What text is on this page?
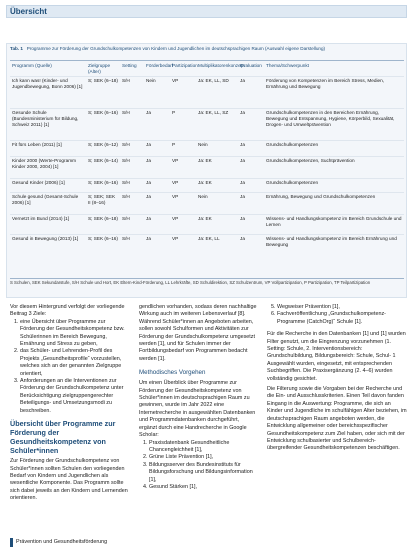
Übersicht
Tab. 1 Programme zur Förderung der Grundschulkompetenzen von Kindern und Jugendlichen im deutschsprachigen Raum (Auswahl eigene Darstellung)
Programm (Quelle)	Zielgruppe (Alter)	Setting	Förderbedarf	Partizipation	Multiplikatorenkonzept	Evaluation	Thema/Schwerpunkt
Ich kann was! (Kinder- und Jugendbewegung, Bonn 2006) [1]	S; SEK (6–18)	S/H	Nein	VP	Ja: EK, LL, SD	Ja	Förderung von Kompetenzen im Bereich Stress, Medien, Ernährung und Bewegung
Gesunde Schule (Bundesministerium für Bildung, Schweiz 2011) [1]	S; SEK (6–16)	S/H	Ja	P	Ja: EK, LL, SZ	Ja	Grundschulkompetenzen in den Bereichen Ernährung, Bewegung und Entspannung, Hygiene, Körperbild, Sexualität, Drogen- und Umweltprävention
Fit fürs Leben (2011) [1]	S; SEK (6–12)	S/H	Ja	P	Nein	Ja	Grundschulkompetenzen
Kinder 2000 (Werte-Programm Kinder 2000, 2004) [1]	S; SEK (6–14)	S/H	Ja	VP	Ja: EK	Ja	Grundschulkompetenzen, Suchtprävention
Gesund Kinder (2006) [1]	S; SEK (6–16)	S/H	Ja	VP	Ja: EK	Ja	Grundschulkompetenzen
Schule gesund (Gesamt-Schule 2006) [1]	S; SEK; SEK II (8–16)	S/H	Ja	VP	Nein	Ja	Ernährung, Bewegung und Grundschulkompetenzen
Vernetzt im Bund (2014) [1]	S; SEK (6–18)	S/H	Ja	VP	Ja: EK	Ja	Wissens- und Handlungskompetenz im Bereich Grundschule und Lernen
Gesund in Bewegung (2013) [1]	S; SEK (6–16)	S/H	Ja	VP	Ja: EK, LL	Ja	Wissens- und Handlungskompetenz im Bereich Ernährung und Bewegung
S Schulen, SEK Sekundarstufe, S/H Schule und Hort, EK Eltern-Kind-Förderung, LL Lehrkräfte, SD Schuldirektion, SZ Schulzentrum, VP Vollpartizipation, P Partizipation, TP Teilpartizipation

Vor diesem Hintergrund verfolgt der vorliegende Beitrag 3 Ziele:

1. eine Übersicht über Programme zur Förderung der Gesundheitskompetenz bzw. Schülerinnen im Bereich Bewegung, Ernährung und Stress zu geben,
2. das Schüler- und Lehrenden-Profil des Projekts „Gesundheitsprofile“ vorzustellen, welches sich an der genannten Zielgruppe orientiert,
3. Anforderungen an die Interventionen zur Förderung der Grundschulkompetenz unter Berücksichtigung zielgruppengerechter Beteiligungs- und Umsetzungsmodi zu beschreiben.
Übersicht über Programme zur Förderung der Gesundheitskompetenz von Schüler*innen

Zur Förderung der Grundschulkompetenz von Schüler*innen sollten Schulen den vorliegenden Bedarf von Kindern und Jugendlichen als wesentliche Komponente. Das Programm sollte sich dabei jeweils an den Kindern und Lernenden orientieren.

gendlichen vorhanden, sodass deren nachhaltige Wirkung auch im weiteren Lebensverlauf [8]. Während Schüler*innen an Angeboten arbeiten, sollen sowohl Schulformen und Aktivitäten zur Förderung der Grundschulkompetenz umgesetzt werden [1], und für Schulen immer der Fortbildungsbedarf von Programmen bedacht werden [1].

Methodisches Vorgehen

Um einen Überblick über Programme zur Förderung der Gesundheitskompetenz von Schüler*innen im deutschsprachigen Raum zu gewinnen, wurde im Jahr 2022 eine Internetrecherche in ausgewählten Datenbanken und Programmdatenbanken durchgeführt, ergänzt durch eine Handrecherche in Google Scholar:

1. Praxisdatenbank Gesundheitliche Chancengleichheit [1],
2. Grüne Liste Prävention [1],
3. Bildungsserver des Bundesinstituts für Bildungsforschung und Bildungsinformation [1],
4. Gesund Stärken [1],
5. Wegweiser Prävention [1],
6. Fachveröffentlichung „Grundschulkompetenz-Programme (CatchOrg)“ Schule [1].

Für die Recherche in den Datenbanken [1] und [1] wurden Filter genutzt, um die Eingrenzung vorzunehmen (1. Setting: Schule, 2. Interventionsbereich: Grundschulbildung, Bildungsbereich: Schule, Schul- 1 Ausgewählt wurden, eingesetzt, mit entsprechenden Suchbegriffen. Die Praxisergänzung (2. 4–6) wurden vollständig gesichtet.

Die Filterung sowie die Vorgaben bei der Recherche und die Ein- und Ausschlusskriterien. Einen Teil davon fanden Eingang in die Auswertung: Programme, die sich an Kinder und Jugendliche im schulfähigen Alter beziehen, im deutschsprachigen Raum angeboten werden, die Entwicklung allgemeiner oder bereichsspezifischer Gesundheitskompetenz zum Ziel haben, oder sich mit der Entwicklung schulbasierter und Schulbereich-übergreifender Gesundheitskompetenzen beschäftigen.

Prävention und Gesundheitsförderung
